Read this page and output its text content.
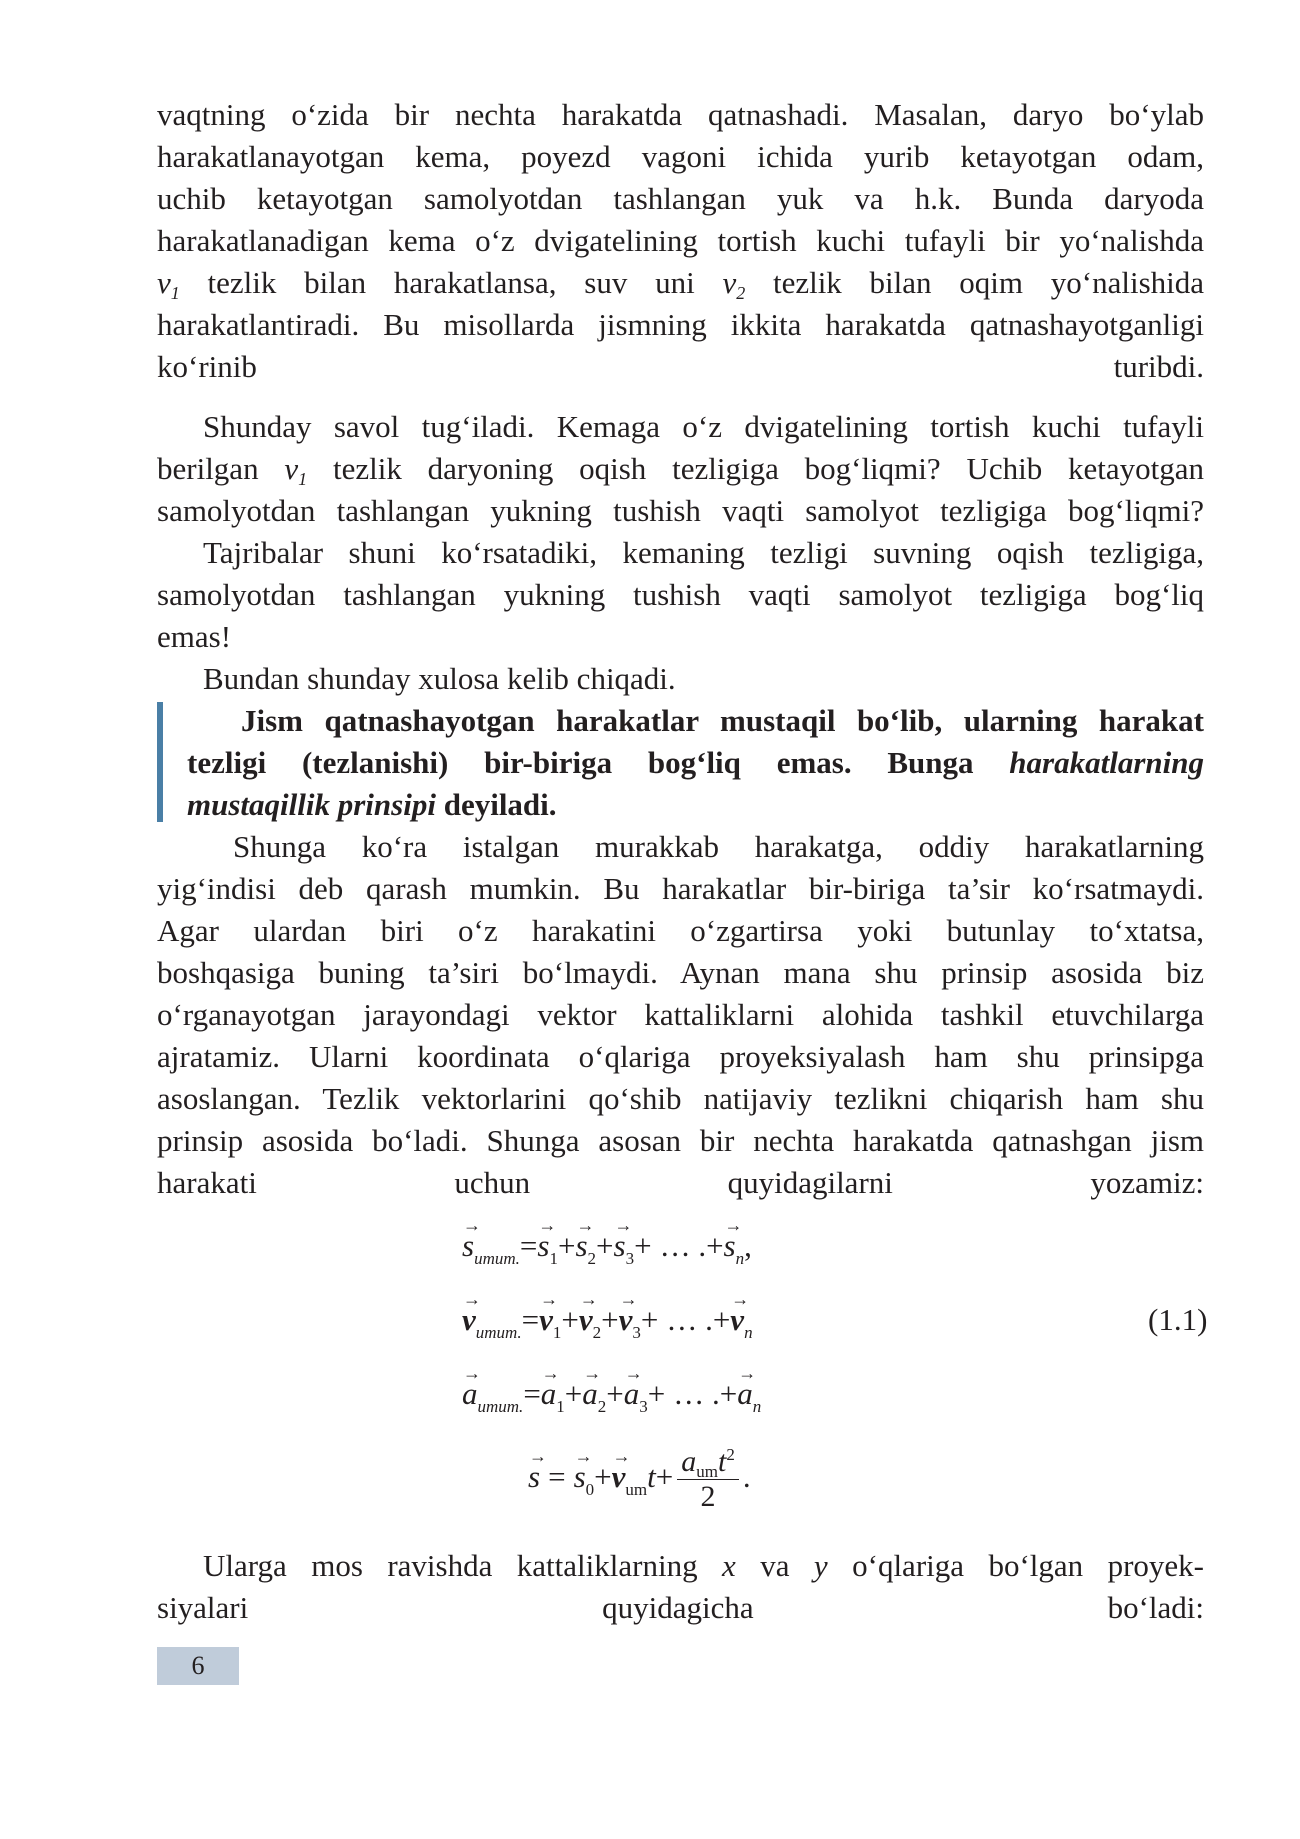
vaqtning o‘zida bir nechta harakatda qatnashadi. Masalan, daryo bo‘ylab
harakatlanayotgan kema, poyezd vagoni ichida yurib ketayotgan odam,
uchib ketayotgan samolyotdan tashlangan yuk va h.k. Bunda daryoda
harakatlanadigan kema o‘z dvigatelining tortish kuchi tufayli bir yo‘nalishda
$v_1$ tezlik bilan harakatlansa, suv uni $v_2$ tezlik bilan oqim yo‘nalishida
harakatlantiradi. Bu misollarda jismning ikkita harakatda qatnashayotganligi
ko‘rinib turibdi.
Shunday savol tug‘iladi. Kemaga o‘z dvigatelining tortish kuchi tufayli
berilgan $v_1$ tezlik daryoning oqish tezligiga bog‘liqmi? Uchib ketayotgan
samolyotdan tashlangan yukning tushish vaqti samolyot tezligiga bog‘liqmi?
Tajribalar shuni ko‘rsatadiki, kemaning tezligi suvning oqish tezligiga,
samolyotdan tashlangan yukning tushish vaqti samolyot tezligiga bog‘liq
emas!
Bundan shunday xulosa kelib chiqadi.
Jism qatnashayotgan harakatlar mustaqil bo‘lib, ularning harakat
tezligi (tezlanishi) bir-biriga bog‘liq emas. Bunga harakatlarning
mustaqillik prinsipi deyiladi.
Shunga ko‘ra istalgan murakkab harakatga, oddiy harakatlarning
yig‘indisi deb qarash mumkin. Bu harakatlar bir-biriga ta’sir ko‘rsatmaydi.
Agar ulardan biri o‘z harakatini o‘zgartirsa yoki butunlay to‘xtatsa,
boshqasiga buning ta’siri bo‘lmaydi. Aynan mana shu prinsip asosida biz
o‘rganayotgan jarayondagi vektor kattaliklarni alohida tashkil etuvchilarga
ajratamiz. Ularni koordinata o‘qlariga proyeksiyalash ham shu prinsipga
asoslangan. Tezlik vektorlarini qo‘shib natijaviy tezlikni chiqarish ham shu
prinsip asosida bo‘ladi. Shunga asosan bir nechta harakatda qatnashgan jism
harakati uchun quyidagilarni yozamiz:
→ $s_{umum.}=\to s_1+\to s_2+\to s_3+$ … .+→ $s_n$,
→ $v_{umum.}=\to v_1+\to v_2+\to v_3+$ … .+→ $v_n$	(1.1)
→ $a_{umum.}=\to a_1+\to a_2+\to a_3+$ … .+→ $a_n$
→ $s =\to s_0+\to v_{um}t+ \frac{a_{um}t^2}{2}$ .
Ularga mos ravishda kattaliklarning x va y o‘qlariga bo‘lgan proyek-
siyalari quyidagicha bo‘ladi:
6
